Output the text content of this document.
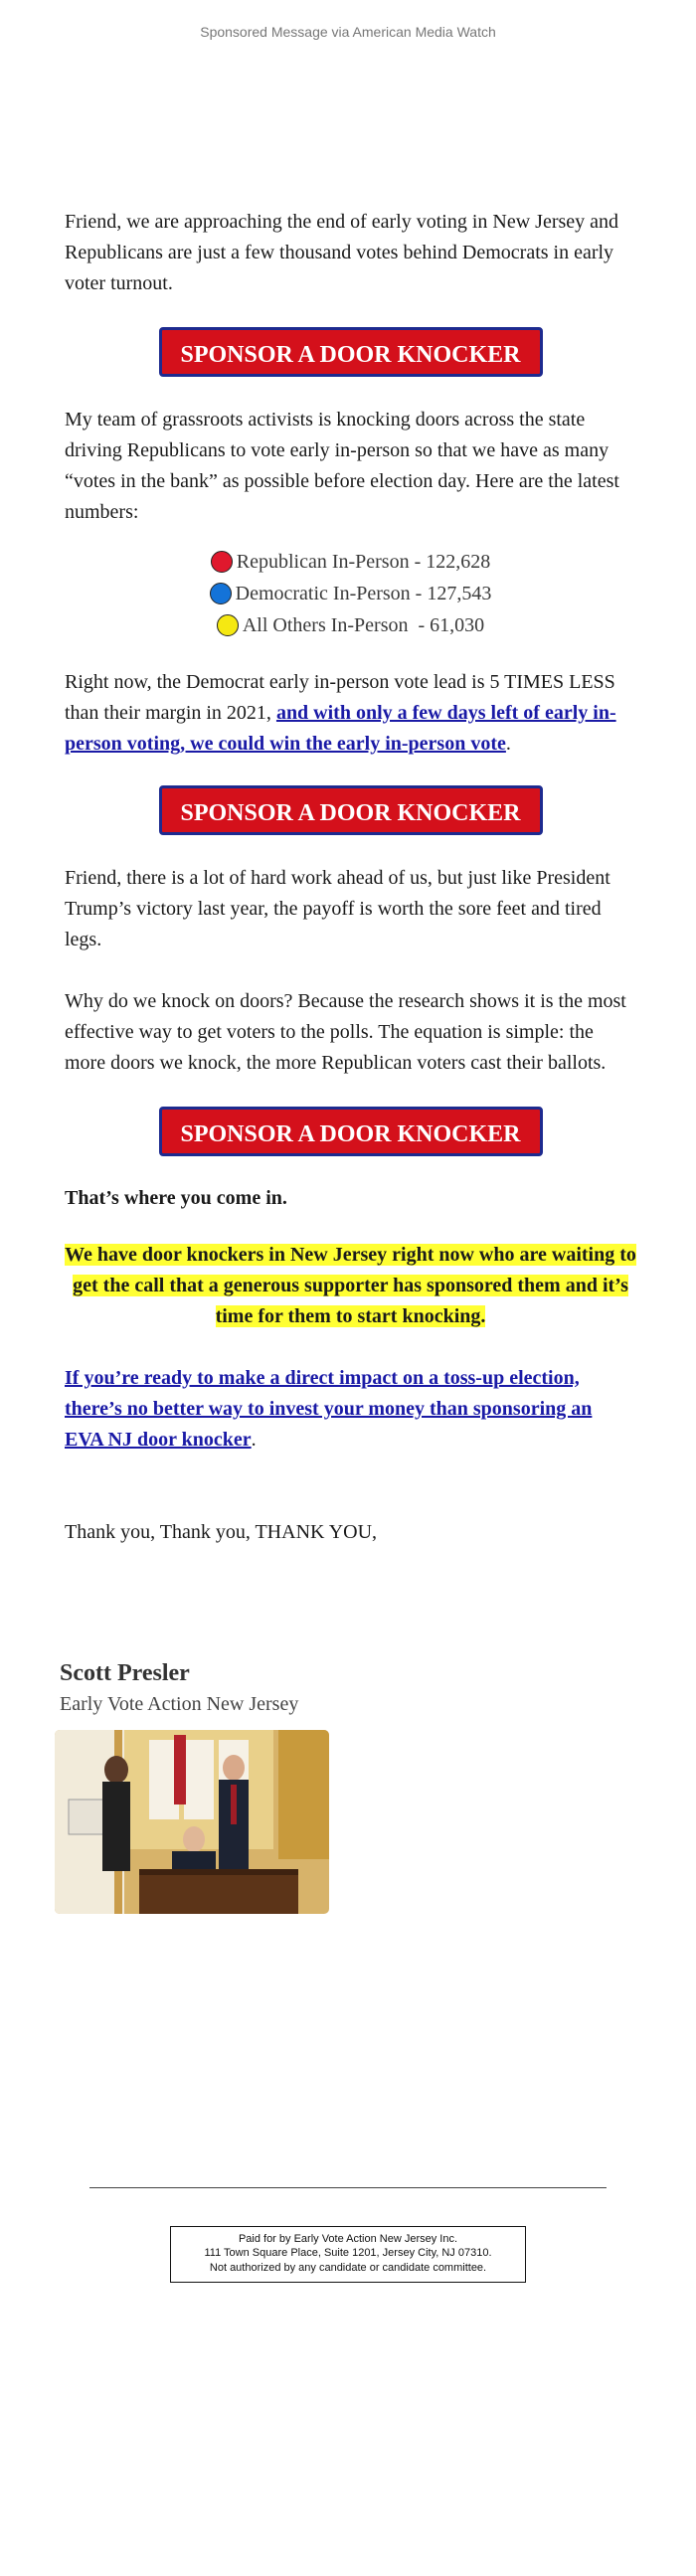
Sponsored Message via American Media Watch

Friend, we are approaching the end of early voting in New Jersey and Republicans are just a few thousand votes behind Democrats in early voter turnout.

SPONSOR A DOOR KNOCKER

My team of grassroots activists is knocking doors across the state driving Republicans to vote early in-person so that we have as many “votes in the bank” as possible before election day. Here are the latest numbers:

Republican In-Person - 122,628
Democratic In-Person - 127,543
All Others In-Person  - 61,030

Right now, the Democrat early in-person vote lead is 5 TIMES LESS than their margin in 2021, and with only a few days left of early in-person voting, we could win the early in-person vote.

SPONSOR A DOOR KNOCKER

Friend, there is a lot of hard work ahead of us, but just like President Trump’s victory last year, the payoff is worth the sore feet and tired legs.

Why do we knock on doors? Because the research shows it is the most effective way to get voters to the polls. The equation is simple: the more doors we knock, the more Republican voters cast their ballots.

SPONSOR A DOOR KNOCKER

That’s where you come in.

We have door knockers in New Jersey right now who are waiting to get the call that a generous supporter has sponsored them and it’s time for them to start knocking.

If you’re ready to make a direct impact on a toss-up election, there’s no better way to invest your money than sponsoring an EVA NJ door knocker.

Thank you, Thank you, THANK YOU,

Scott Presler

Early Vote Action New Jersey

Paid for by Early Vote Action New Jersey Inc.
111 Town Square Place, Suite 1201, Jersey City, NJ 07310.
Not authorized by any candidate or candidate committee.
